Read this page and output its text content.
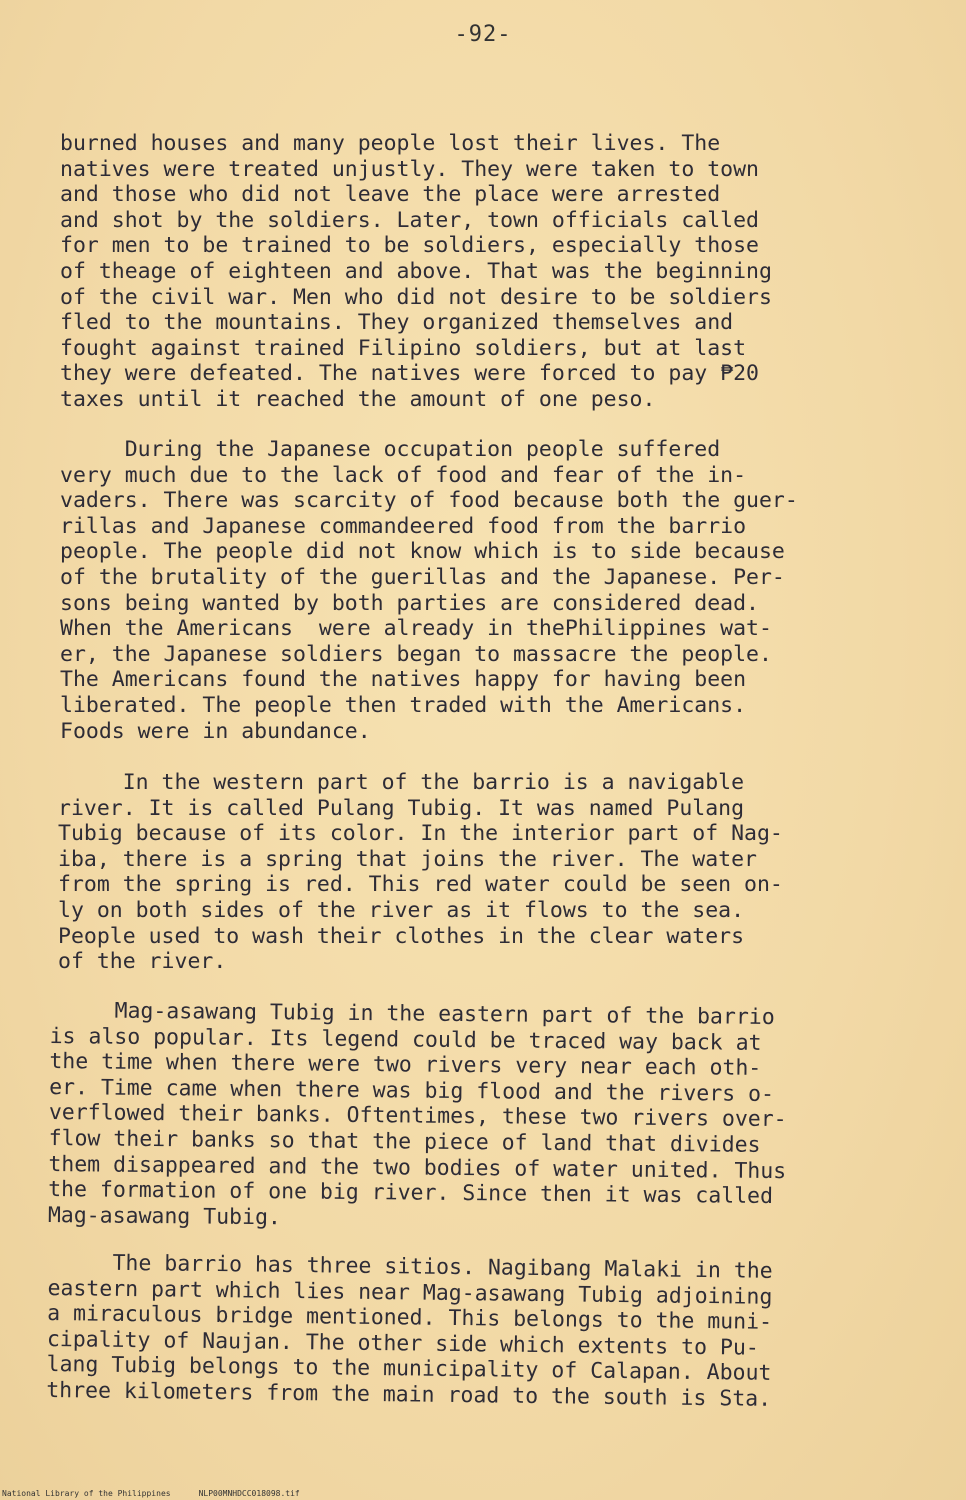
-92-

burned houses and many people lost their lives. The
natives were treated unjustly. They were taken to town
and those who did not leave the place were arrested
and shot by the soldiers. Later, town officials called
for men to be trained to be soldiers, especially those
of theage of eighteen and above. That was the beginning
of the civil war. Men who did not desire to be soldiers
fled to the mountains. They organized themselves and
fought against trained Filipino soldiers, but at last
they were defeated. The natives were forced to pay ₱20
taxes until it reached the amount of one peso.

During the Japanese occupation people suffered
very much due to the lack of food and fear of the in-
vaders. There was scarcity of food because both the guer-
rillas and Japanese commandeered food from the barrio
people. The people did not know which is to side because
of the brutality of the guerillas and the Japanese. Per-
sons being wanted by both parties are considered dead.
When the Americans  were already in thePhilippines wat-
er, the Japanese soldiers began to massacre the people.
The Americans found the natives happy for having been
liberated. The people then traded with the Americans.
Foods were in abundance.

In the western part of the barrio is a navigable
river. It is called Pulang Tubig. It was named Pulang
Tubig because of its color. In the interior part of Nag-
iba, there is a spring that joins the river. The water
from the spring is red. This red water could be seen on-
ly on both sides of the river as it flows to the sea.
People used to wash their clothes in the clear waters
of the river.

Mag-asawang Tubig in the eastern part of the barrio
is also popular. Its legend could be traced way back at
the time when there were two rivers very near each oth-
er. Time came when there was big flood and the rivers o-
verflowed their banks. Oftentimes, these two rivers over-
flow their banks so that the piece of land that divides
them disappeared and the two bodies of water united. Thus
the formation of one big river. Since then it was called
Mag-asawang Tubig.

The barrio has three sitios. Nagibang Malaki in the
eastern part which lies near Mag-asawang Tubig adjoining
a miraculous bridge mentioned. This belongs to the muni-
cipality of Naujan. The other side which extents to Pu-
lang Tubig belongs to the municipality of Calapan. About
three kilometers from the main road to the south is Sta.

National Library of the Philippines	NLP00MNHDCC018098.tif
